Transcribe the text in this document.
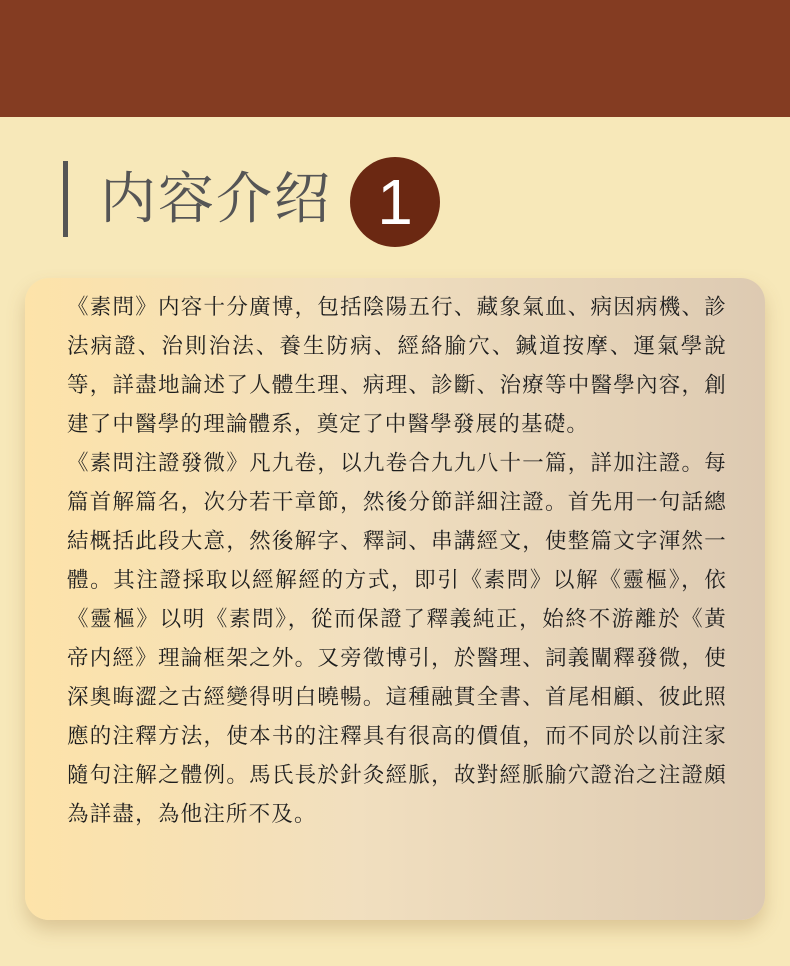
内容介绍 1

《素問》内容十分廣博，包括陰陽五行、藏象氣血、病因病機、診法病證、治則治法、養生防病、經絡腧穴、鍼道按摩、運氣學說等，詳盡地論述了人體生理、病理、診斷、治療等中醫學內容，創建了中醫學的理論體系，奠定了中醫學發展的基礎。

《素問注證發微》凡九卷，以九卷合九九八十一篇，詳加注證。每篇首解篇名，次分若干章節，然後分節詳細注證。首先用一句話總結概括此段大意，然後解字、釋詞、串講經文，使整篇文字渾然一體。其注證採取以經解經的方式，即引《素問》以解《靈樞》，依《靈樞》以明《素問》，從而保證了釋義純正，始終不游離於《黃帝内經》理論框架之外。又旁徵博引，於醫理、詞義闡釋發微，使深奧晦澀之古經變得明白曉暢。這種融貫全書、首尾相顧、彼此照應的注釋方法，使本书的注釋具有很高的價值，而不同於以前注家隨句注解之體例。馬氏長於針灸經脈，故對經脈腧穴證治之注證頗為詳盡，為他注所不及。
